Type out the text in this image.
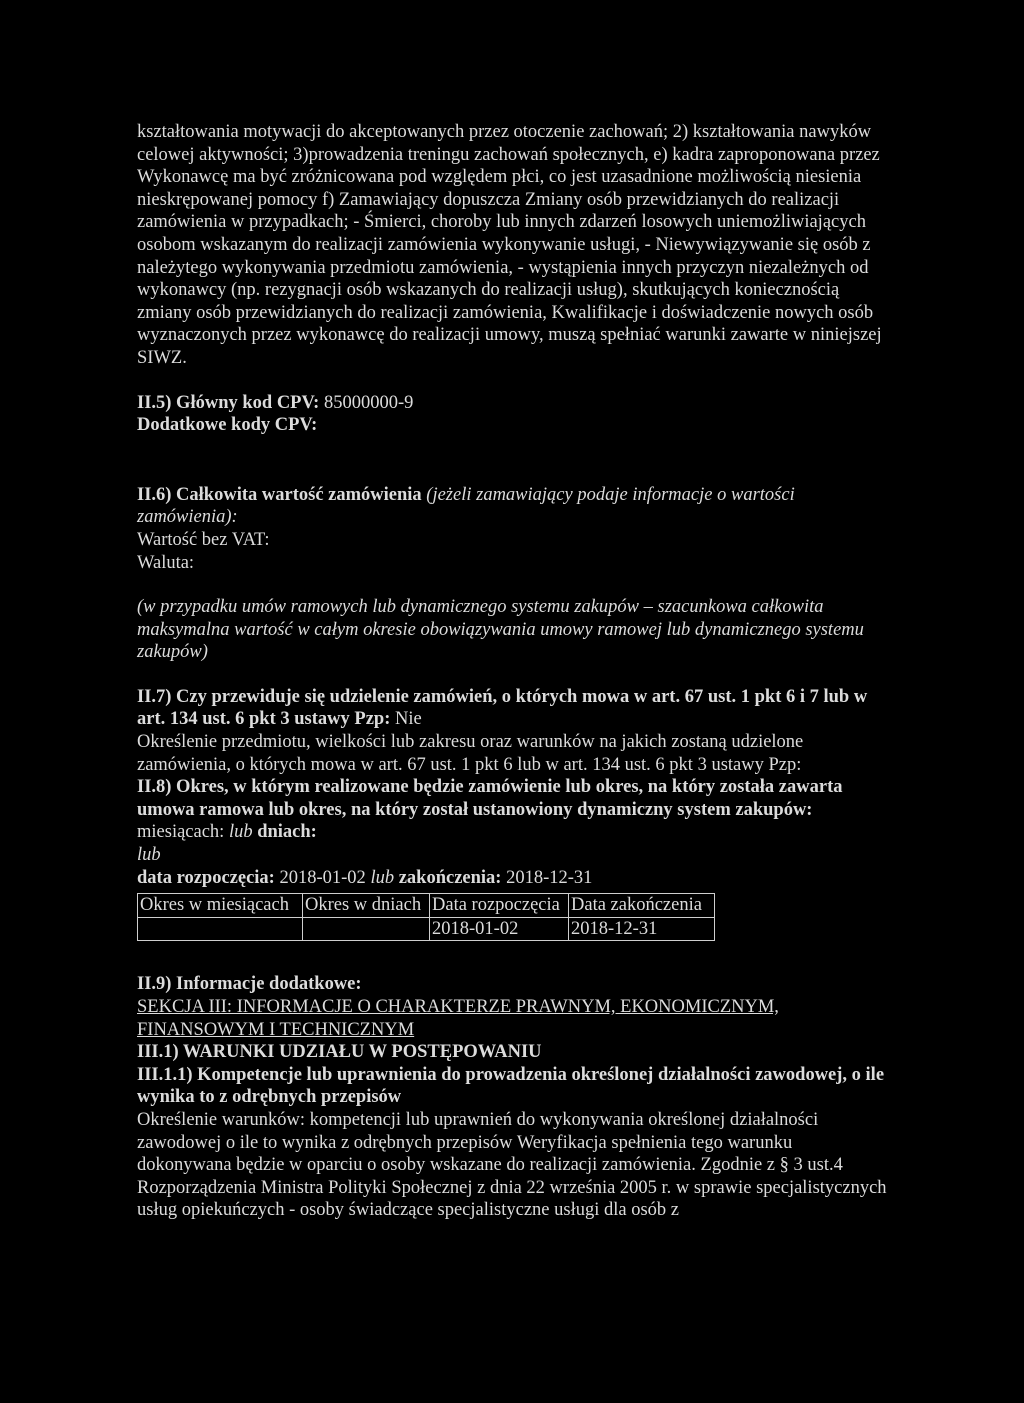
kształtowania motywacji do akceptowanych przez otoczenie zachowań; 2) kształtowania nawyków celowej aktywności; 3)prowadzenia treningu zachowań społecznych, e) kadra zaproponowana przez Wykonawcę ma być zróżnicowana pod względem płci, co jest uzasadnione możliwością niesienia nieskrępowanej pomocy f) Zamawiający dopuszcza Zmiany osób przewidzianych do realizacji zamówienia w przypadkach; - Śmierci, choroby lub innych zdarzeń losowych uniemożliwiających osobom wskazanym do realizacji zamówienia wykonywanie usługi, - Niewywiązywanie się osób z należytego wykonywania przedmiotu zamówienia, - wystąpienia innych przyczyn niezależnych od wykonawcy (np. rezygnacji osób wskazanych do realizacji usług), skutkujących koniecznością zmiany osób przewidzianych do realizacji zamówienia, Kwalifikacje i doświadczenie nowych osób wyznaczonych przez wykonawcę do realizacji umowy, muszą spełniać warunki zawarte w niniejszej SIWZ.

II.5) Główny kod CPV: 85000000-9

Dodatkowe kody CPV:

II.6) Całkowita wartość zamówienia (jeżeli zamawiający podaje informacje o wartości zamówienia):

Wartość bez VAT:

Waluta:

(w przypadku umów ramowych lub dynamicznego systemu zakupów – szacunkowa całkowita maksymalna wartość w całym okresie obowiązywania umowy ramowej lub dynamicznego systemu zakupów)

II.7) Czy przewiduje się udzielenie zamówień, o których mowa w art. 67 ust. 1 pkt 6 i 7 lub w art. 134 ust. 6 pkt 3 ustawy Pzp: Nie

Określenie przedmiotu, wielkości lub zakresu oraz warunków na jakich zostaną udzielone zamówienia, o których mowa w art. 67 ust. 1 pkt 6 lub w art. 134 ust. 6 pkt 3 ustawy Pzp:

II.8) Okres, w którym realizowane będzie zamówienie lub okres, na który została zawarta umowa ramowa lub okres, na który został ustanowiony dynamiczny system zakupów:

miesiącach: lub dniach:

lub

data rozpoczęcia: 2018-01-02 lub zakończenia: 2018-12-31

Okres w miesiącach	Okres w dniach	Data rozpoczęcia	Data zakończenia
		2018-01-02	2018-12-31

II.9) Informacje dodatkowe:

SEKCJA III: INFORMACJE O CHARAKTERZE PRAWNYM, EKONOMICZNYM, FINANSOWYM I TECHNICZNYM

III.1) WARUNKI UDZIAŁU W POSTĘPOWANIU

III.1.1) Kompetencje lub uprawnienia do prowadzenia określonej działalności zawodowej, o ile wynika to z odrębnych przepisów

Określenie warunków: kompetencji lub uprawnień do wykonywania określonej działalności zawodowej o ile to wynika z odrębnych przepisów Weryfikacja spełnienia tego warunku dokonywana będzie w oparciu o osoby wskazane do realizacji zamówienia. Zgodnie z § 3 ust.4 Rozporządzenia Ministra Polityki Społecznej z dnia 22 września 2005 r. w sprawie specjalistycznych usług opiekuńczych - osoby świadczące specjalistyczne usługi dla osób z
